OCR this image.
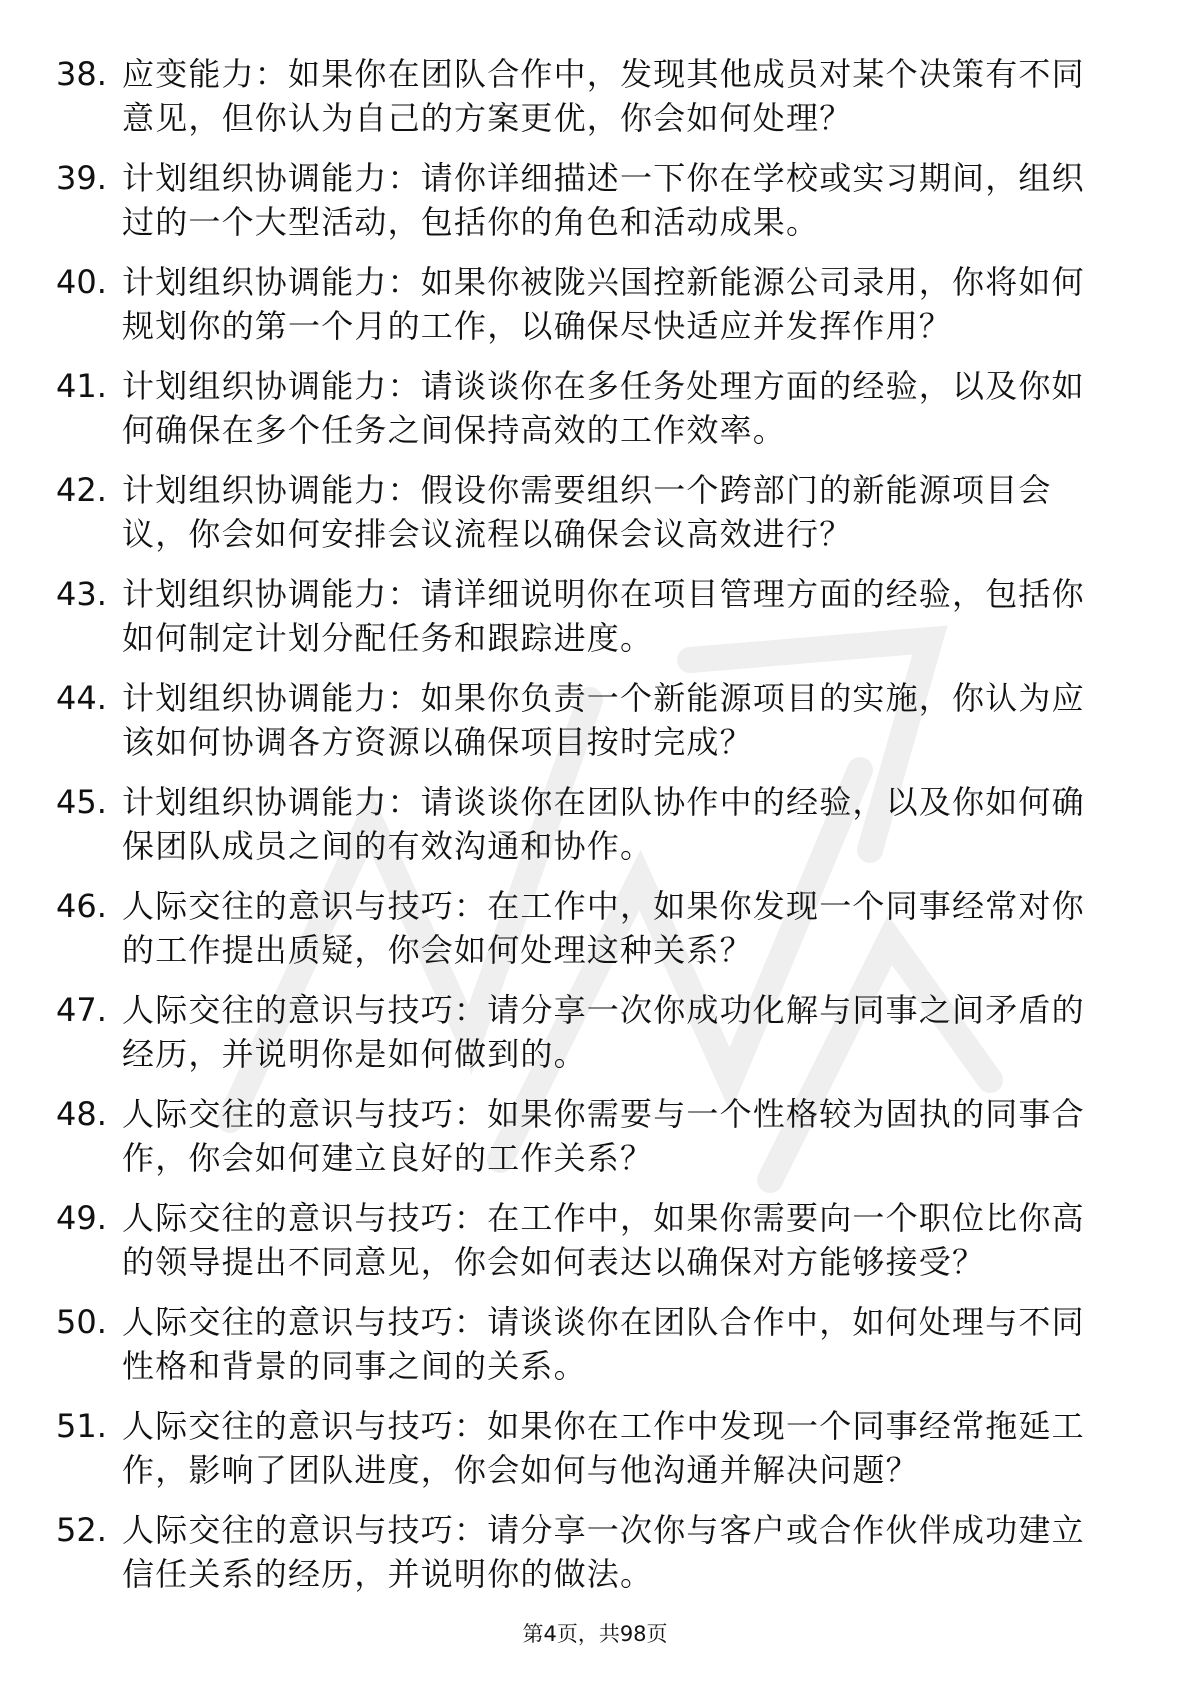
38. 应变能力：如果你在团队合作中，发现其他成员对某个决策有不同意见，但你认为自己的方案更优，你会如何处理？
39. 计划组织协调能力：请你详细描述一下你在学校或实习期间，组织过的一个大型活动，包括你的角色和活动成果。
40. 计划组织协调能力：如果你被陇兴国控新能源公司录用，你将如何规划你的第一个月的工作，以确保尽快适应并发挥作用？
41. 计划组织协调能力：请谈谈你在多任务处理方面的经验，以及你如何确保在多个任务之间保持高效的工作效率。
42. 计划组织协调能力：假设你需要组织一个跨部门的新能源项目会议，你会如何安排会议流程以确保会议高效进行？
43. 计划组织协调能力：请详细说明你在项目管理方面的经验，包括你如何制定计划分配任务和跟踪进度。
44. 计划组织协调能力：如果你负责一个新能源项目的实施，你认为应该如何协调各方资源以确保项目按时完成？
45. 计划组织协调能力：请谈谈你在团队协作中的经验，以及你如何确保团队成员之间的有效沟通和协作。
46. 人际交往的意识与技巧：在工作中，如果你发现一个同事经常对你的工作提出质疑，你会如何处理这种关系？
47. 人际交往的意识与技巧：请分享一次你成功化解与同事之间矛盾的经历，并说明你是如何做到的。
48. 人际交往的意识与技巧：如果你需要与一个性格较为固执的同事合作，你会如何建立良好的工作关系？
49. 人际交往的意识与技巧：在工作中，如果你需要向一个职位比你高的领导提出不同意见，你会如何表达以确保对方能够接受？
50. 人际交往的意识与技巧：请谈谈你在团队合作中，如何处理与不同性格和背景的同事之间的关系。
51. 人际交往的意识与技巧：如果你在工作中发现一个同事经常拖延工作，影响了团队进度，你会如何与他沟通并解决问题？
52. 人际交往的意识与技巧：请分享一次你与客户或合作伙伴成功建立信任关系的经历，并说明你的做法。
第4页，共98页
